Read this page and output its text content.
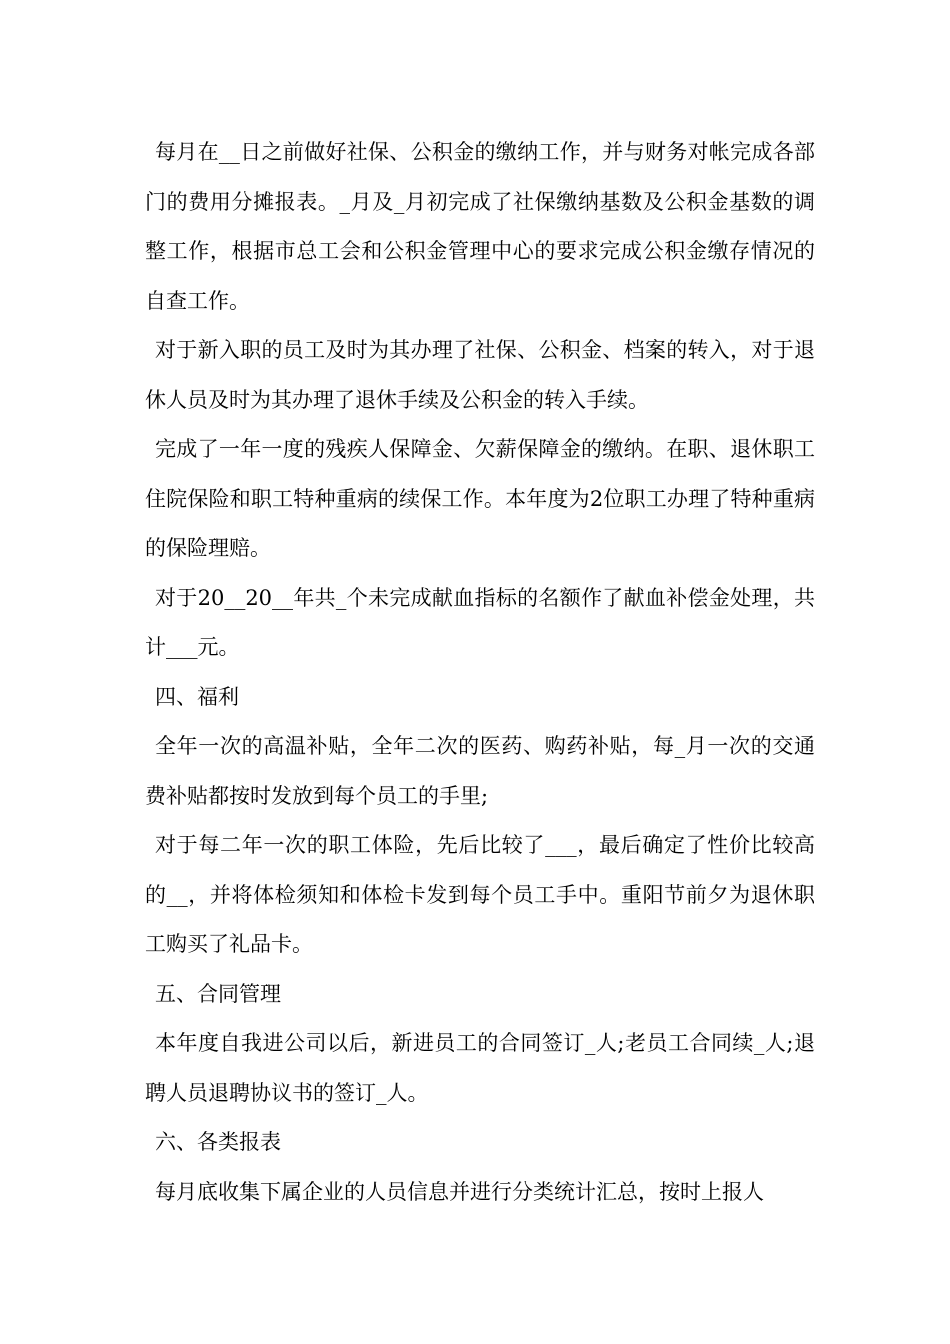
每月在__日之前做好社保、公积金的缴纳工作，并与财务对帐完成各部门的费用分摊报表。_月及_月初完成了社保缴纳基数及公积金基数的调整工作，根据市总工会和公积金管理中心的要求完成公积金缴存情况的自查工作。

对于新入职的员工及时为其办理了社保、公积金、档案的转入，对于退休人员及时为其办理了退休手续及公积金的转入手续。

完成了一年一度的残疾人保障金、欠薪保障金的缴纳。在职、退休职工住院保险和职工特种重病的续保工作。本年度为2位职工办理了特种重病的保险理赔。

对于20__20__年共_个未完成献血指标的名额作了献血补偿金处理，共计___元。

四、福利

全年一次的高温补贴，全年二次的医药、购药补贴，每_月一次的交通费补贴都按时发放到每个员工的手里;

对于每二年一次的职工体险，先后比较了___，最后确定了性价比较高的__，并将体检须知和体检卡发到每个员工手中。重阳节前夕为退休职工购买了礼品卡。

五、合同管理

本年度自我进公司以后，新进员工的合同签订_人;老员工合同续_人;退聘人员退聘协议书的签订_人。

六、各类报表

每月底收集下属企业的人员信息并进行分类统计汇总，按时上报人
